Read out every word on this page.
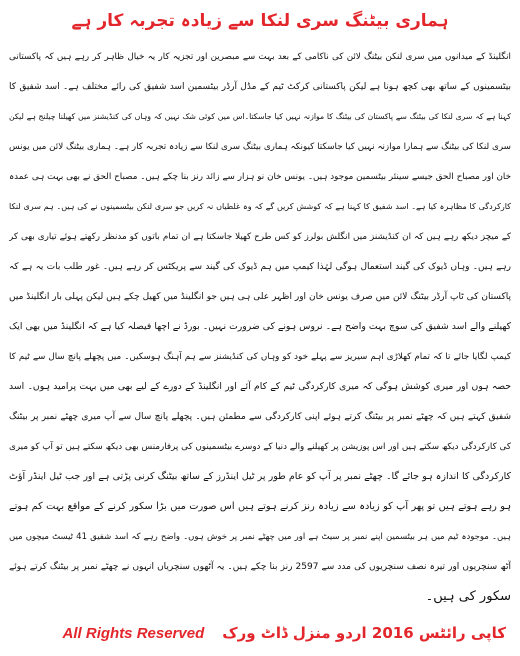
ہماری بیٹنگ سری لنکا سے زیادہ تجربہ کار ہے
انگلینڈ کے میدانوں میں سری لنکن بیٹنگ لائن کی ناکامی کے بعد بہت سے مبصرین اور تجزیہ کار یہ خیال ظاہر کر رہے ہیں کہ پاکستانی
بیٹسمینوں کے ساتھ بھی کچھ ہونا ہے لیکن پاکستانی کرکٹ ٹیم کے مڈل آرڈر بیٹسمین اسد شفیق کی رائے مختلف ہے۔ اسد شفیق کا
کہنا ہے کہ سری لنکا کی بیٹنگ سے پاکستان کی بیٹنگ کا موازنہ نہیں کیا جاسکتا۔اس میں کوئی شک نہیں کہ وہاں کی کنڈیشنز میں کھیلنا چیلنج ہے لیکن
سری لنکا کی بیٹنگ سے ہمارا موازنہ نہیں کیا جاسکتا کیونکہ ہماری بیٹنگ سری لنکا سے زیادہ تجربہ کار ہے۔ ہماری بیٹنگ لائن میں یونس
خان اور مصباح الحق جیسے سینئر بیٹسمین موجود ہیں۔ یونس خان نو ہزار سے زائد رنز بنا چکے ہیں۔ مصباح الحق نے بھی بہت ہی عمدہ
کارکردگی کا مظاہرہ کیا ہے۔ اسد شفیق کا کہنا ہے کہ کوشش کریں گے کہ وہ غلطیاں نہ کریں جو سری لنکن بیٹسمینوں نے کی ہیں۔ ہم سری لنکا
کے میچز دیکھ رہے ہیں کہ ان کنڈیشنز میں انگلش بولرز کو کس طرح کھیلا جاسکتا ہے ان تمام باتوں کو مدنظر رکھتے ہوئے تیاری بھی کر
رہے ہیں۔ وہاں ڈیوک کی گیند استعمال ہوگی لہٰذا کیمپ میں ہم ڈیوک کی گیند سے پریکٹس کر رہے ہیں۔ غور طلب بات یہ ہے کہ
پاکستان کی ٹاپ آرڈر بیٹنگ لائن میں صرف یونس خان اور اظہر علی ہی ہیں جو انگلینڈ میں کھیل چکے ہیں لیکن پہلی بار انگلینڈ میں
کھیلنے والے اسد شفیق کی سوچ بہت واضح ہے۔ نروس ہونے کی ضرورت نہیں۔ بورڈ نے اچھا فیصلہ کیا ہے کہ انگلینڈ میں بھی ایک
کیمپ لگایا جائے تا کہ تمام کھلاڑی اہم سیریز سے پہلے خود کو وہاں کی کنڈیشنز سے ہم آہنگ ہوسکیں۔ میں پچھلے پانچ سال سے ٹیم کا
حصہ ہوں اور میری کوشش ہوگی کہ میری کارکردگی ٹیم کے کام آئے اور انگلینڈ کے دورے کے لیے بھی میں بہت پرامید ہوں۔ اسد
شفیق کہتے ہیں کہ چھٹے نمبر پر بیٹنگ کرتے ہوئے اپنی کارکردگی سے مطمئن ہیں۔ پچھلے پانچ سال سے آپ میری چھٹے نمبر پر بیٹنگ
کی کارکردگی دیکھ سکتے ہیں اور اس پوزیشن پر کھیلنے والے دنیا کے دوسرے بیٹسمینوں کی پرفارمنس بھی دیکھ سکتے ہیں تو آپ کو میری
کارکردگی کا اندازہ ہو جائے گا۔ چھٹے نمبر پر آپ کو عام طور پر ٹیل اینڈرز کے ساتھ بیٹنگ کرنی پڑتی ہے اور جب ٹیل اینڈر آؤٹ
ہو رہے ہوتے ہیں تو پھر آپ کو زیادہ سے زیادہ رنز کرنے ہوتے ہیں اس صورت میں بڑا سکور کرنے کے مواقع بہت کم ہوتے
ہیں۔ موجودہ ٹیم میں ہر بیٹسمین اپنے نمبر پر سیٹ ہے اور میں چھٹے نمبر پر خوش ہوں۔ واضح رہے کہ اسد شفیق 41 ٹیسٹ میچوں میں
آٹھ سنچریوں اور تیرہ نصف سنچریوں کی مدد سے 2597 رنز بنا چکے ہیں۔ یہ آٹھوں سنچریاں انہوں نے چھٹے نمبر پر بیٹنگ کرتے ہوئے
سکور کی ہیں۔
کاپی رائٹس 2016 اردو منزل ڈاٹ ورک
All Rights Reserved
